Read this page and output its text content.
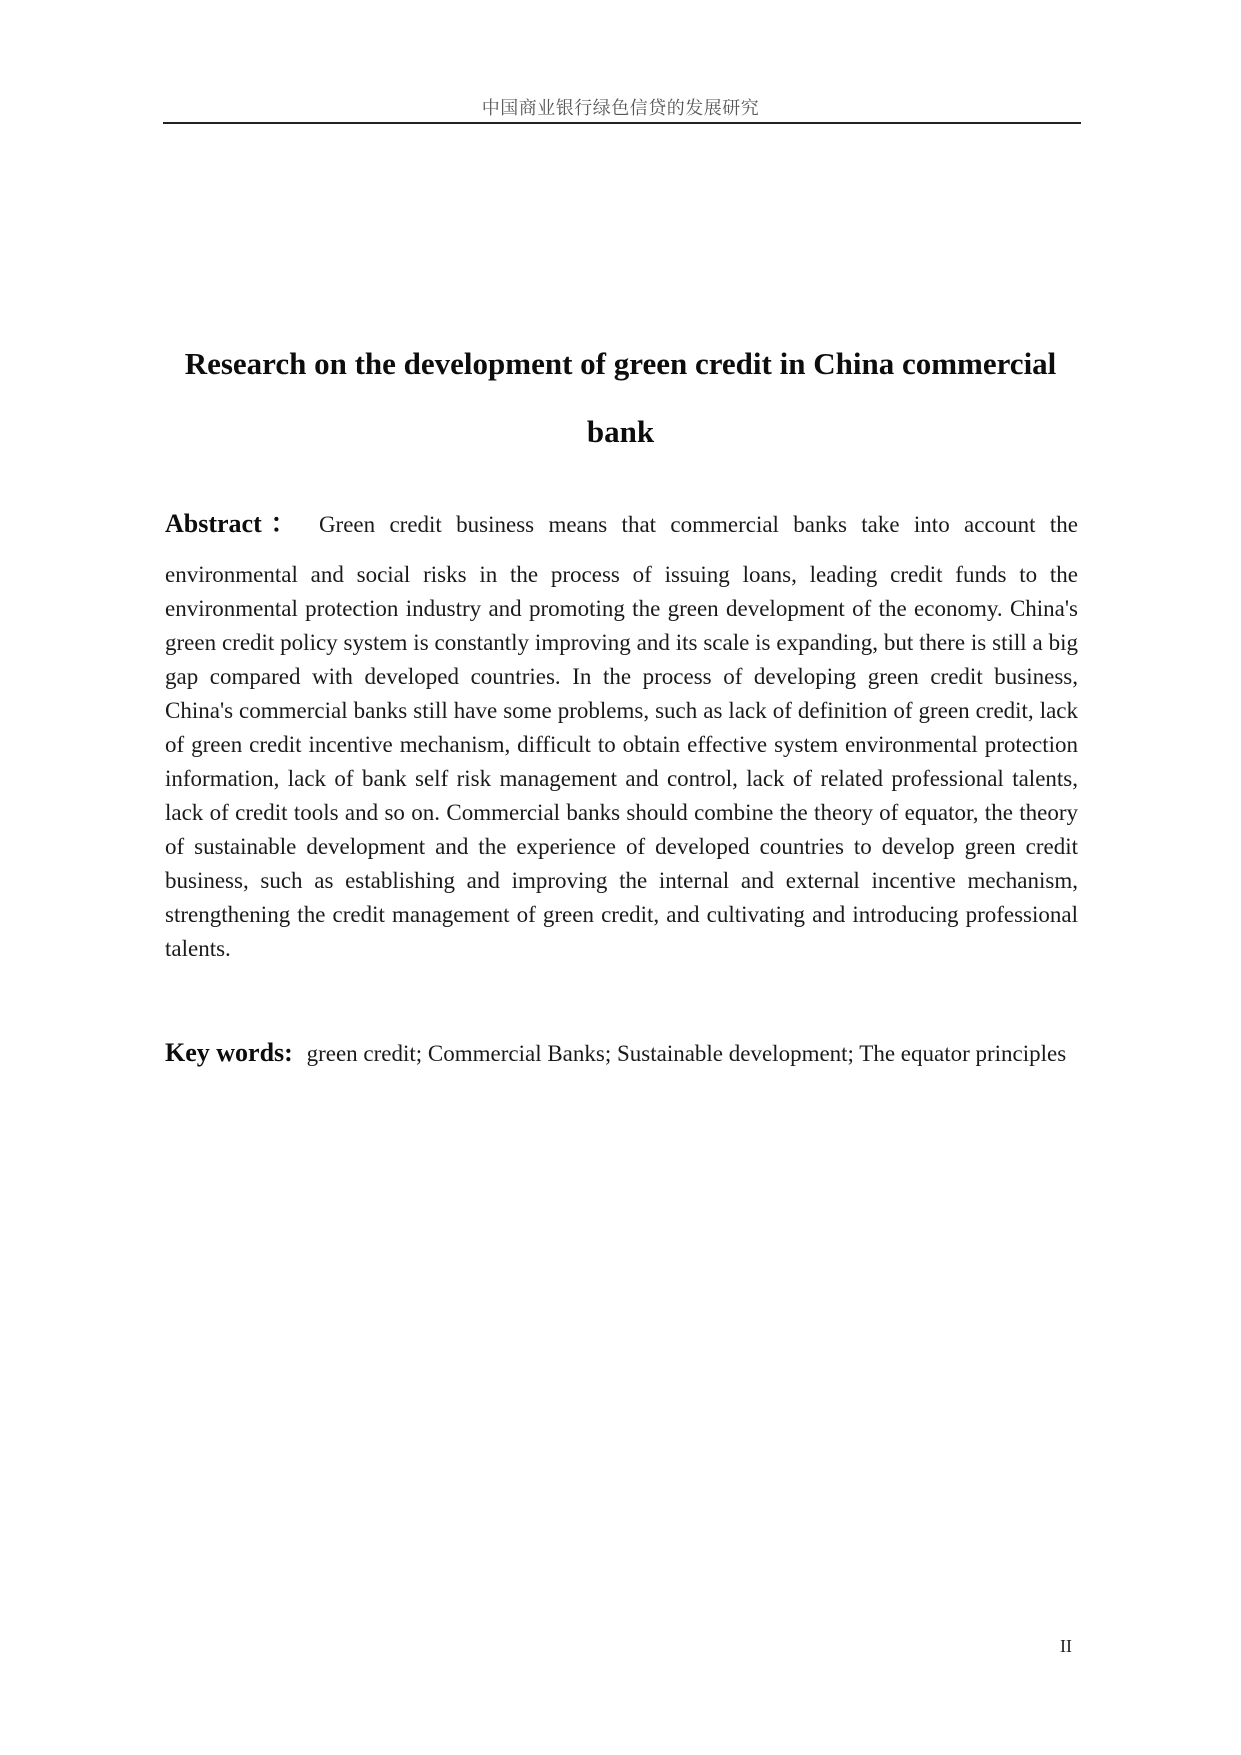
中国商业银行绿色信贷的发展研究
Research on the development of green credit in China commercial bank

Abstract： Green credit business means that commercial banks take into account the

environmental and social risks in the process of issuing loans, leading credit funds to the environmental protection industry and promoting the green development of the economy. China's green credit policy system is constantly improving and its scale is expanding, but there is still a big gap compared with developed countries. In the process of developing green credit business, China's commercial banks still have some problems, such as lack of definition of green credit, lack of green credit incentive mechanism, difficult to obtain effective system environmental protection information, lack of bank self risk management and control, lack of related professional talents, lack of credit tools and so on. Commercial banks should combine the theory of equator, the theory of sustainable development and the experience of developed countries to develop green credit business, such as establishing and improving the internal and external incentive mechanism, strengthening the credit management of green credit, and cultivating and introducing professional talents.

Key words: green credit; Commercial Banks; Sustainable development; The equator principles

II
